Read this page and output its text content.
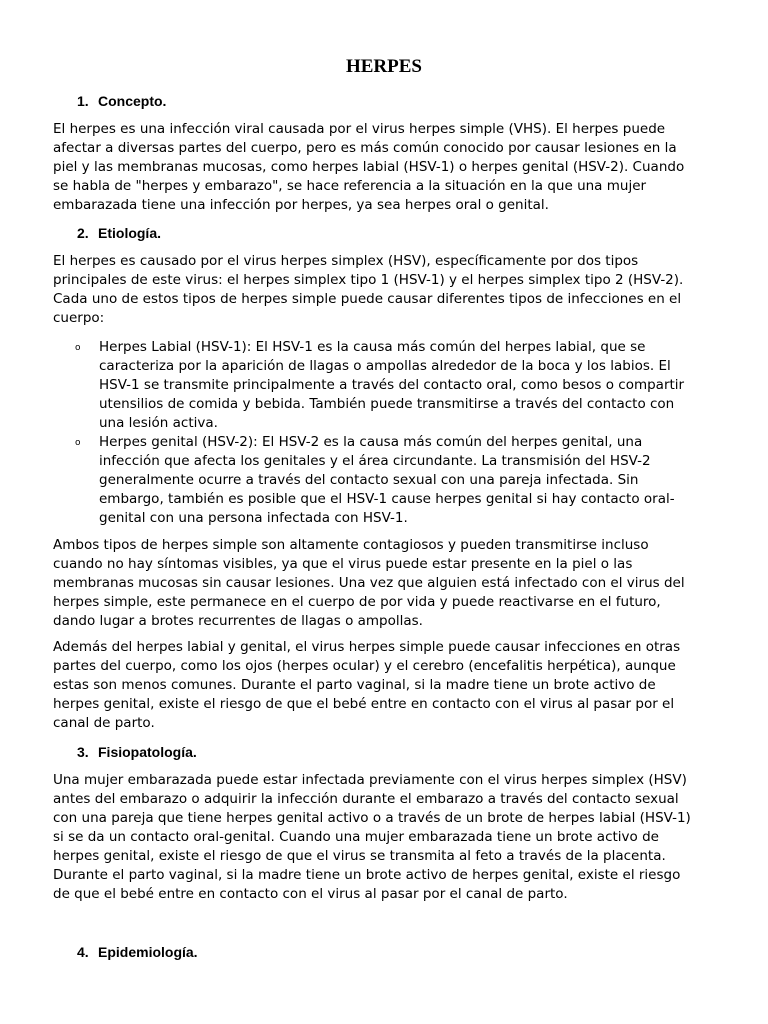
HERPES
1. Concepto.
El herpes es una infección viral causada por el virus herpes simple (VHS). El herpes puede
afectar a diversas partes del cuerpo, pero es más común conocido por causar lesiones en la
piel y las membranas mucosas, como herpes labial (HSV-1) o herpes genital (HSV-2). Cuando
se habla de "herpes y embarazo", se hace referencia a la situación en la que una mujer
embarazada tiene una infección por herpes, ya sea herpes oral o genital.
2. Etiología.
El herpes es causado por el virus herpes simplex (HSV), específicamente por dos tipos
principales de este virus: el herpes simplex tipo 1 (HSV-1) y el herpes simplex tipo 2 (HSV-2).
Cada uno de estos tipos de herpes simple puede causar diferentes tipos de infecciones en el
cuerpo:
o Herpes Labial (HSV-1): El HSV-1 es la causa más común del herpes labial, que se
caracteriza por la aparición de llagas o ampollas alrededor de la boca y los labios. El
HSV-1 se transmite principalmente a través del contacto oral, como besos o compartir
utensilios de comida y bebida. También puede transmitirse a través del contacto con
una lesión activa.
o Herpes genital (HSV-2): El HSV-2 es la causa más común del herpes genital, una
infección que afecta los genitales y el área circundante. La transmisión del HSV-2
generalmente ocurre a través del contacto sexual con una pareja infectada. Sin
embargo, también es posible que el HSV-1 cause herpes genital si hay contacto oral-
genital con una persona infectada con HSV-1.
Ambos tipos de herpes simple son altamente contagiosos y pueden transmitirse incluso
cuando no hay síntomas visibles, ya que el virus puede estar presente en la piel o las
membranas mucosas sin causar lesiones. Una vez que alguien está infectado con el virus del
herpes simple, este permanece en el cuerpo de por vida y puede reactivarse en el futuro,
dando lugar a brotes recurrentes de llagas o ampollas.
Además del herpes labial y genital, el virus herpes simple puede causar infecciones en otras
partes del cuerpo, como los ojos (herpes ocular) y el cerebro (encefalitis herpética), aunque
estas son menos comunes. Durante el parto vaginal, si la madre tiene un brote activo de
herpes genital, existe el riesgo de que el bebé entre en contacto con el virus al pasar por el
canal de parto.
3. Fisiopatología.
Una mujer embarazada puede estar infectada previamente con el virus herpes simplex (HSV)
antes del embarazo o adquirir la infección durante el embarazo a través del contacto sexual
con una pareja que tiene herpes genital activo o a través de un brote de herpes labial (HSV-1)
si se da un contacto oral-genital. Cuando una mujer embarazada tiene un brote activo de
herpes genital, existe el riesgo de que el virus se transmita al feto a través de la placenta.
Durante el parto vaginal, si la madre tiene un brote activo de herpes genital, existe el riesgo
de que el bebé entre en contacto con el virus al pasar por el canal de parto.
4. Epidemiología.
